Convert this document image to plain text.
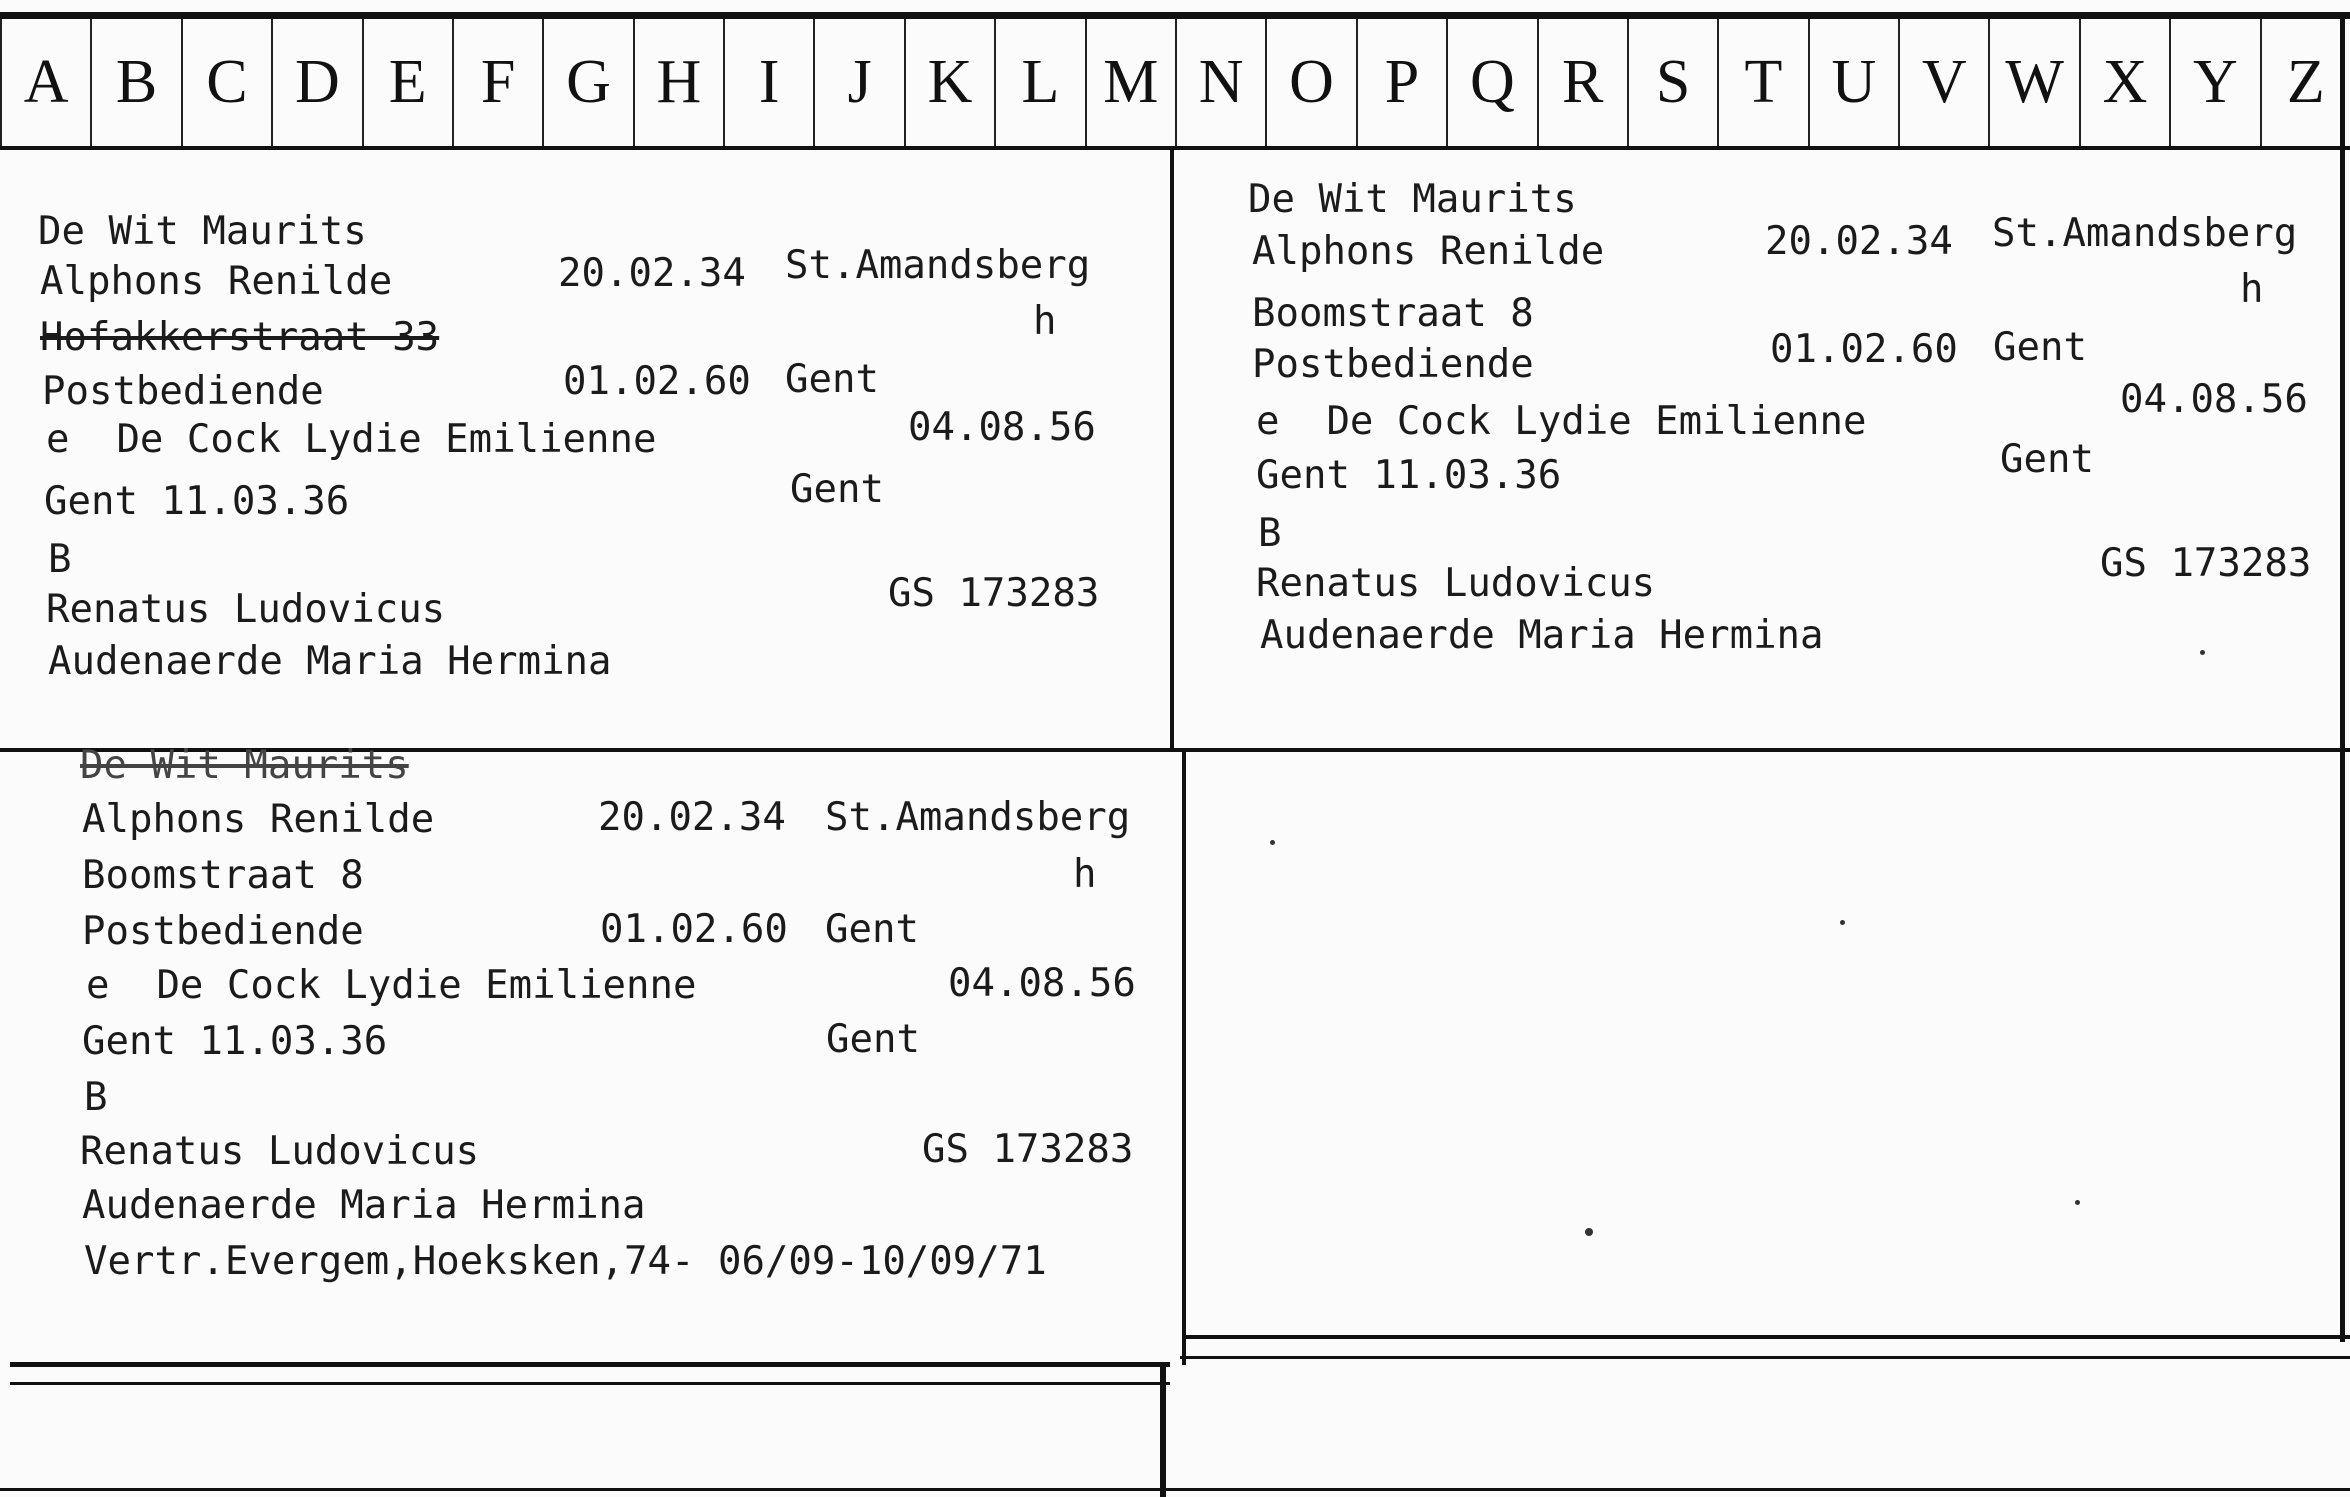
A B C D E F G H I	J K L M N O P Q R S T U V W X Y Z
De Wit Maurits
Alphons Renilde	20.02.34 St.Amandsberg
Hofakkerstraat 33	h
Postbediende	01.02.60 Gent
e  De Cock Lydie Emilienne	04.08.56
Gent 11.03.36	Gent
B
Renatus Ludovicus	GS 173283
Audenaerde Maria Hermina
De Wit Maurits
Alphons Renilde	20.02.34 St.Amandsberg
h
Boomstraat 8
Postbediende	01.02.60 Gent
e  De Cock Lydie Emilienne	04.08.56
Gent
Gent 11.03.36
B
Renatus Ludovicus	GS 173283
Audenaerde Maria Hermina
De Wit Maurits
Alphons Renilde	20.02.34 St.Amandsberg
Boomstraat 8	h
Postbediende	01.02.60 Gent
e  De Cock Lydie Emilienne	04.08.56
Gent 11.03.36	Gent
B
Renatus Ludovicus	GS 173283
Audenaerde Maria Hermina
Vertr.Evergem,Hoeksken,74- 06/09-10/09/71
